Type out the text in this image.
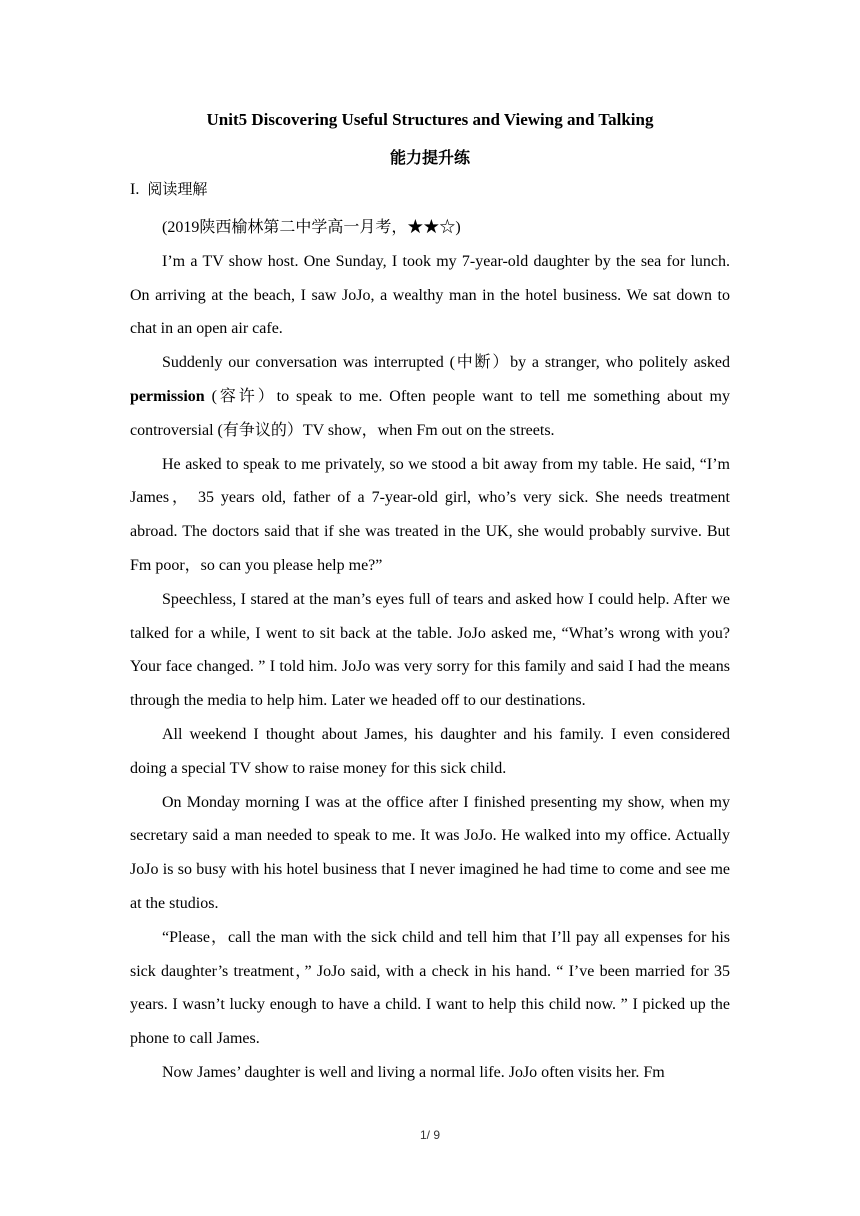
Unit5 Discovering Useful Structures and Viewing and Talking
能力提升练
I. 阅读理解

(2019陕西榆林第二中学高一月考，★★☆)

I’m a TV show host. One Sunday, I took my 7-year-old daughter by the sea for lunch. On arriving at the beach, I saw JoJo, a wealthy man in the hotel business. We sat down to chat in an open air cafe.

Suddenly our conversation was interrupted (中断）by a stranger, who politely asked permission (容许）to speak to me. Often people want to tell me something about my controversial (有争议的）TV show，when Fm out on the streets.

He asked to speak to me privately, so we stood a bit away from my table. He said, “I’m James， 35 years old, father of a 7-year-old girl, who’s very sick. She needs treatment abroad. The doctors said that if she was treated in the UK, she would probably survive. But Fm poor，so can you please help me?”

Speechless, I stared at the man’s eyes full of tears and asked how I could help. After we talked for a while, I went to sit back at the table. JoJo asked me, “What’s wrong with you? Your face changed. ” I told him. JoJo was very sorry for this family and said I had the means through the media to help him. Later we headed off to our destinations.

All weekend I thought about James, his daughter and his family. I even considered doing a special TV show to raise money for this sick child.

On Monday morning I was at the office after I finished presenting my show, when my secretary said a man needed to speak to me. It was JoJo. He walked into my office. Actually JoJo is so busy with his hotel business that I never imagined he had time to come and see me at the studios.

“Please，call the man with the sick child and tell him that I’ll pay all expenses for his sick daughter’s treatment，” JoJo said, with a check in his hand. “ I’ve been married for 35 years. I wasn’t lucky enough to have a child. I want to help this child now. ” I picked up the phone to call James.

Now James’ daughter is well and living a normal life. JoJo often visits her. Fm

1/ 9
